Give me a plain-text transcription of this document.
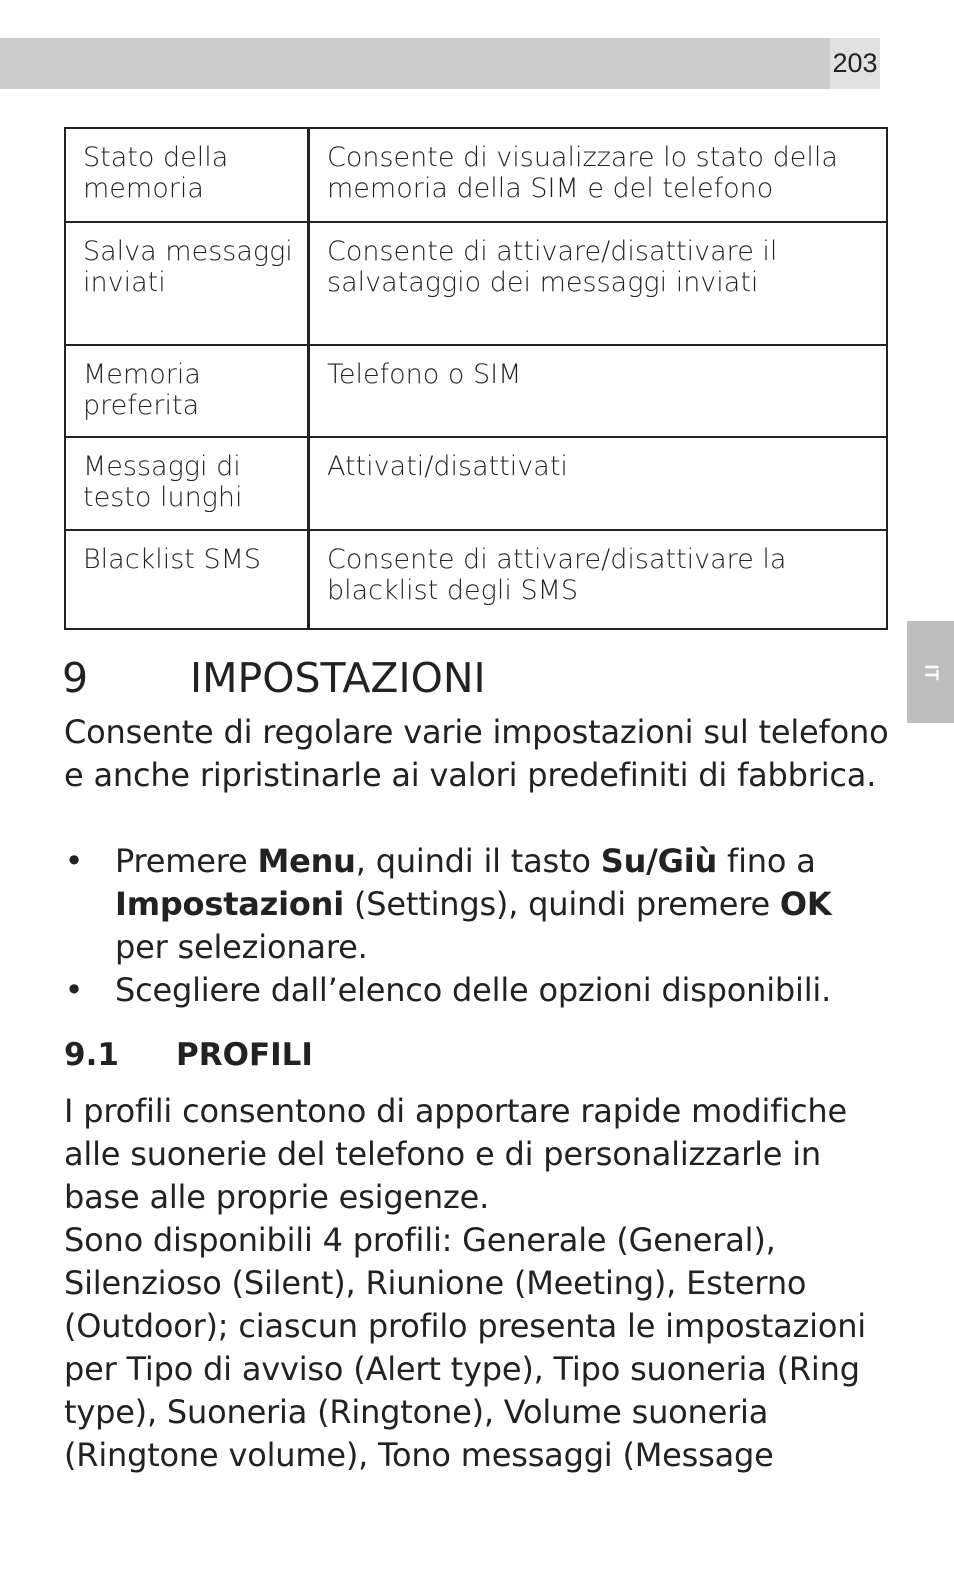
203
IT
Stato della memoria	Consente di visualizzare lo stato della memoria della SIM e del telefono
Salva messaggi inviati	Consente di attivare/disattivare il salvataggio dei messaggi inviati
Memoria preferita	Telefono o SIM
Messaggi di testo lunghi	Attivati/disattivati
Blacklist SMS	Consente di attivare/disattivare la blacklist degli SMS
9	IMPOSTAZIONI

Consente di regolare varie impostazioni sul telefono e anche ripristinarle ai valori predefiniti di fabbrica.

• Premere Menu, quindi il tasto Su/Giù fino a Impostazioni (Settings), quindi premere OK per selezionare.
• Scegliere dall’elenco delle opzioni disponibili.
9.1	PROFILI

I profili consentono di apportare rapide modifiche alle suonerie del telefono e di personalizzarle in base alle proprie esigenze.

Sono disponibili 4 profili: Generale (General), Silenzioso (Silent), Riunione (Meeting), Esterno (Outdoor); ciascun profilo presenta le impostazioni per Tipo di avviso (Alert type), Tipo suoneria (Ring type), Suoneria (Ringtone), Volume suoneria (Ringtone volume), Tono messaggi (Message
